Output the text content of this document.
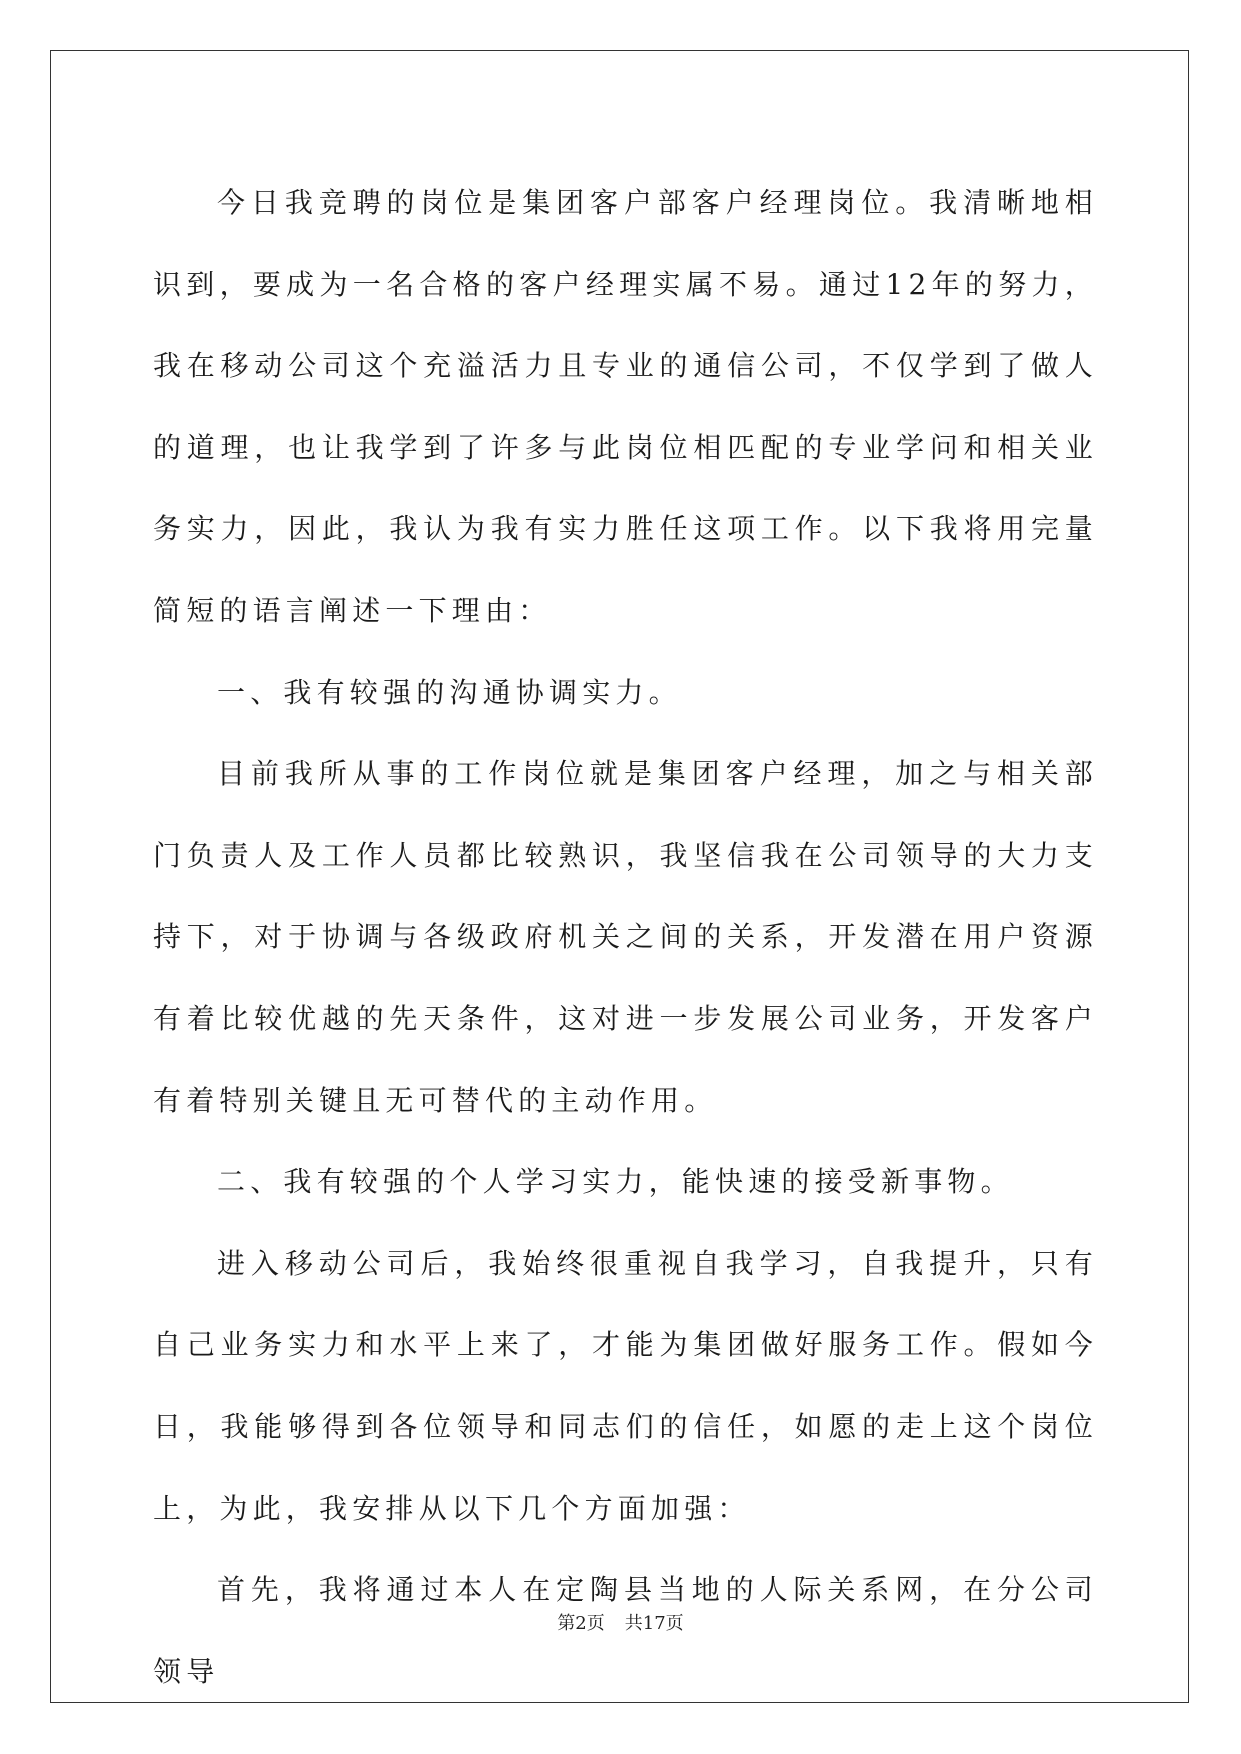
今日我竞聘的岗位是集团客户部客户经理岗位。我清晰地相识到，要成为一名合格的客户经理实属不易。通过12年的努力，我在移动公司这个充溢活力且专业的通信公司，不仅学到了做人的道理，也让我学到了许多与此岗位相匹配的专业学问和相关业务实力，因此，我认为我有实力胜任这项工作。以下我将用完量简短的语言阐述一下理由：

一、我有较强的沟通协调实力。

目前我所从事的工作岗位就是集团客户经理，加之与相关部门负责人及工作人员都比较熟识，我坚信我在公司领导的大力支持下，对于协调与各级政府机关之间的关系，开发潜在用户资源有着比较优越的先天条件，这对进一步发展公司业务，开发客户有着特别关键且无可替代的主动作用。

二、我有较强的个人学习实力，能快速的接受新事物。

进入移动公司后，我始终很重视自我学习，自我提升，只有自己业务实力和水平上来了，才能为集团做好服务工作。假如今日，我能够得到各位领导和同志们的信任，如愿的走上这个岗位上，为此，我安排从以下几个方面加强：

首先，我将通过本人在定陶县当地的人际关系网，在分公司领导

第2页 共17页
